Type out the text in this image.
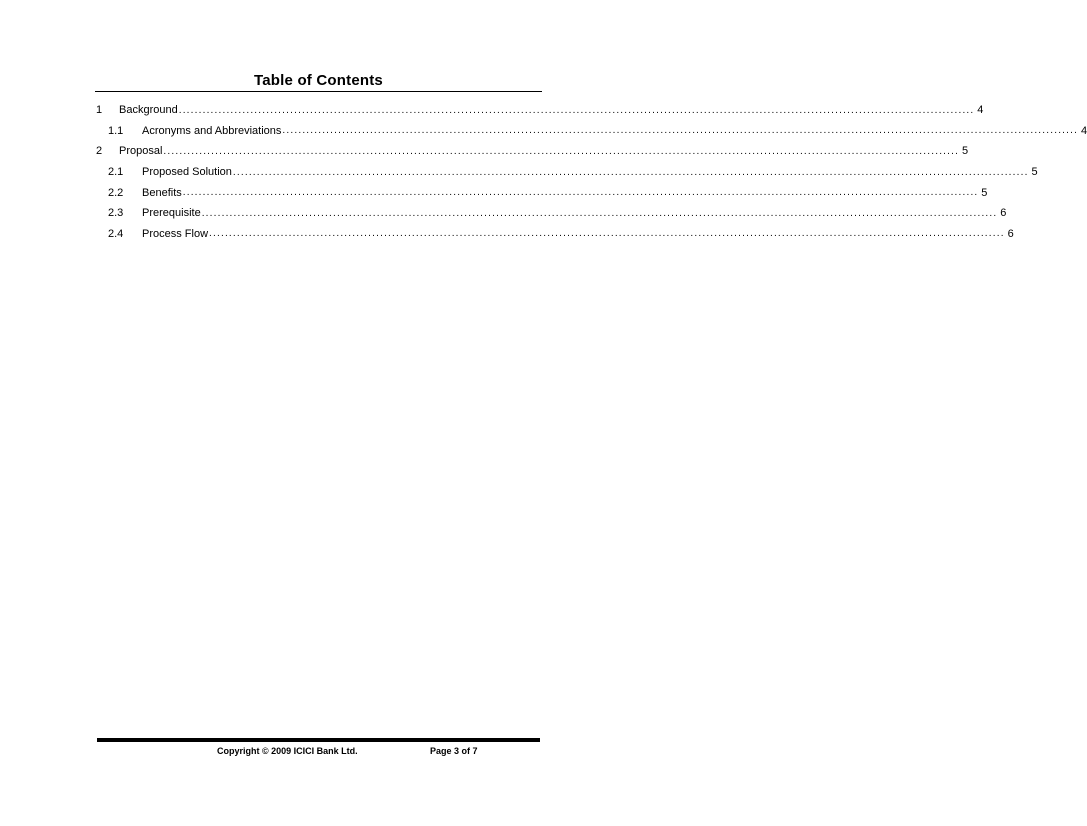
Table of Contents
1	Background ........................................................................................................................................................................................................ 4
1.1	Acronyms and Abbreviations ........................................................................................................................................................................................................ 4
2	Proposal ........................................................................................................................................................................................................ 5
2.1	Proposed Solution ........................................................................................................................................................................................................ 5
2.2	Benefits ........................................................................................................................................................................................................ 5
2.3	Prerequisite ........................................................................................................................................................................................................ 6
2.4	Process Flow ........................................................................................................................................................................................................ 6
Copyright © 2009 ICICI Bank Ltd.	Page 3 of 7
